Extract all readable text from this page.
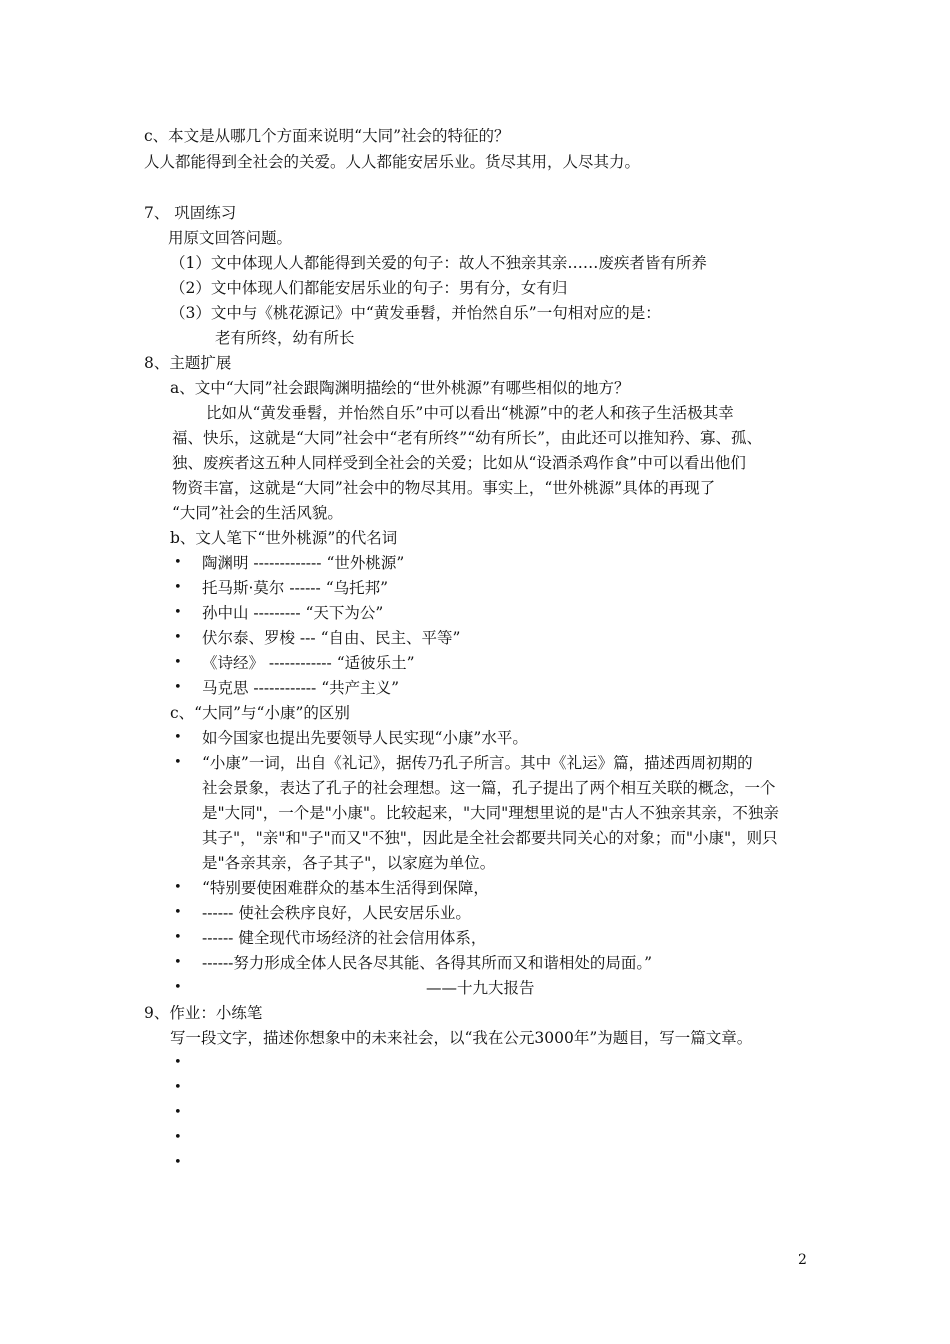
c、本文是从哪几个方面来说明“大同”社会的特征的？
人人都能得到全社会的关爱。人人都能安居乐业。货尽其用，人尽其力。
7、 巩固练习
用原文回答问题。
（1）文中体现人人都能得到关爱的句子：故人不独亲其亲……废疾者皆有所养
（2）文中体现人们都能安居乐业的句子：男有分，女有归
（3）文中与《桃花源记》中“黄发垂髫，并怡然自乐”一句相对应的是：
老有所终，幼有所长
8、主题扩展
a、文中“大同”社会跟陶渊明描绘的“世外桃源”有哪些相似的地方？
比如从“黄发垂髫，并怡然自乐”中可以看出“桃源”中的老人和孩子生活极其幸
福、快乐，这就是“大同”社会中“老有所终”“幼有所长”，由此还可以推知矜、寡、孤、
独、废疾者这五种人同样受到全社会的关爱；比如从“设酒杀鸡作食”中可以看出他们
物资丰富，这就是“大同”社会中的物尽其用。事实上，“世外桃源”具体的再现了
“大同”社会的生活风貌。
b、文人笔下“世外桃源”的代名词
• 陶渊明 ------------- “世外桃源”
• 托马斯·莫尔 ------ “乌托邦”
• 孙中山 --------- “天下为公”
• 伏尔泰、罗梭 --- “自由、民主、平等”
• 《诗经》 ------------ “适彼乐土”
• 马克思 ------------ “共产主义”
c、“大同”与“小康”的区别
• 如今国家也提出先要领导人民实现“小康”水平。
• “小康”一词，出自《礼记》，据传乃孔子所言。其中《礼运》篇，描述西周初期的
社会景象，表达了孔子的社会理想。这一篇，孔子提出了两个相互关联的概念，一个
是"大同"，一个是"小康"。比较起来，"大同"理想里说的是"古人不独亲其亲，不独亲
其子"，"亲"和"子"而又"不独"，因此是全社会都要共同关心的对象；而"小康"，则只
是"各亲其亲，各子其子"，以家庭为单位。
• “特别要使困难群众的基本生活得到保障，
• ------ 使社会秩序良好，人民安居乐业。
• ------ 健全现代市场经济的社会信用体系，
• ------努力形成全体人民各尽其能、各得其所而又和谐相处的局面。”
•	——十九大报告
9、作业：小练笔
写一段文字，描述你想象中的未来社会，以“我在公元3000年”为题目，写一篇文章。
•
•
•
•
•
2
